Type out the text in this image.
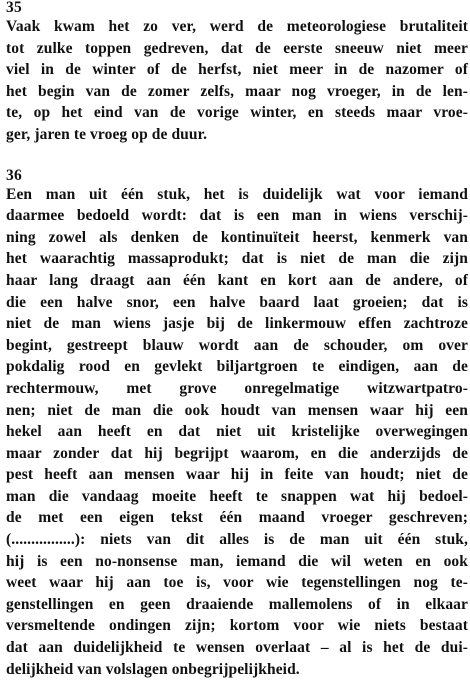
35

Vaak kwam het zo ver, werd de meteorologiese brutaliteit
tot zulke toppen gedreven, dat de eerste sneeuw niet meer
viel in de winter of de herfst, niet meer in de nazomer of
het begin van de zomer zelfs, maar nog vroeger, in de len-
te, op het eind van de vorige winter, en steeds maar vroe-
ger, jaren te vroeg op de duur.

36

Een man uit één stuk, het is duidelijk wat voor iemand
daarmee bedoeld wordt: dat is een man in wiens verschij-
ning zowel als denken de kontinuïteit heerst, kenmerk van
het waarachtig massaprodukt; dat is niet de man die zijn
haar lang draagt aan één kant en kort aan de andere, of
die een halve snor, een halve baard laat groeien; dat is
niet de man wiens jasje bij de linkermouw effen zachtroze
begint, gestreept blauw wordt aan de schouder, om over
pokdalig rood en gevlekt biljartgroen te eindigen, aan de
rechtermouw, met grove onregelmatige witzwartpatro-
nen; niet de man die ook houdt van mensen waar hij een
hekel aan heeft en dat niet uit kristelijke overwegingen
maar zonder dat hij begrijpt waarom, en die anderzijds de
pest heeft aan mensen waar hij in feite van houdt; niet de
man die vandaag moeite heeft te snappen wat hij bedoel-
de met een eigen tekst één maand vroeger geschreven;
(................): niets van dit alles is de man uit één stuk,
hij is een no-nonsense man, iemand die wil weten en ook
weet waar hij aan toe is, voor wie tegenstellingen nog te-
genstellingen en geen draaiende mallemolens of in elkaar
versmeltende ondingen zijn; kortom voor wie niets bestaat
dat aan duidelijkheid te wensen overlaat – al is het de dui-
delijkheid van volslagen onbegrijpelijkheid.
